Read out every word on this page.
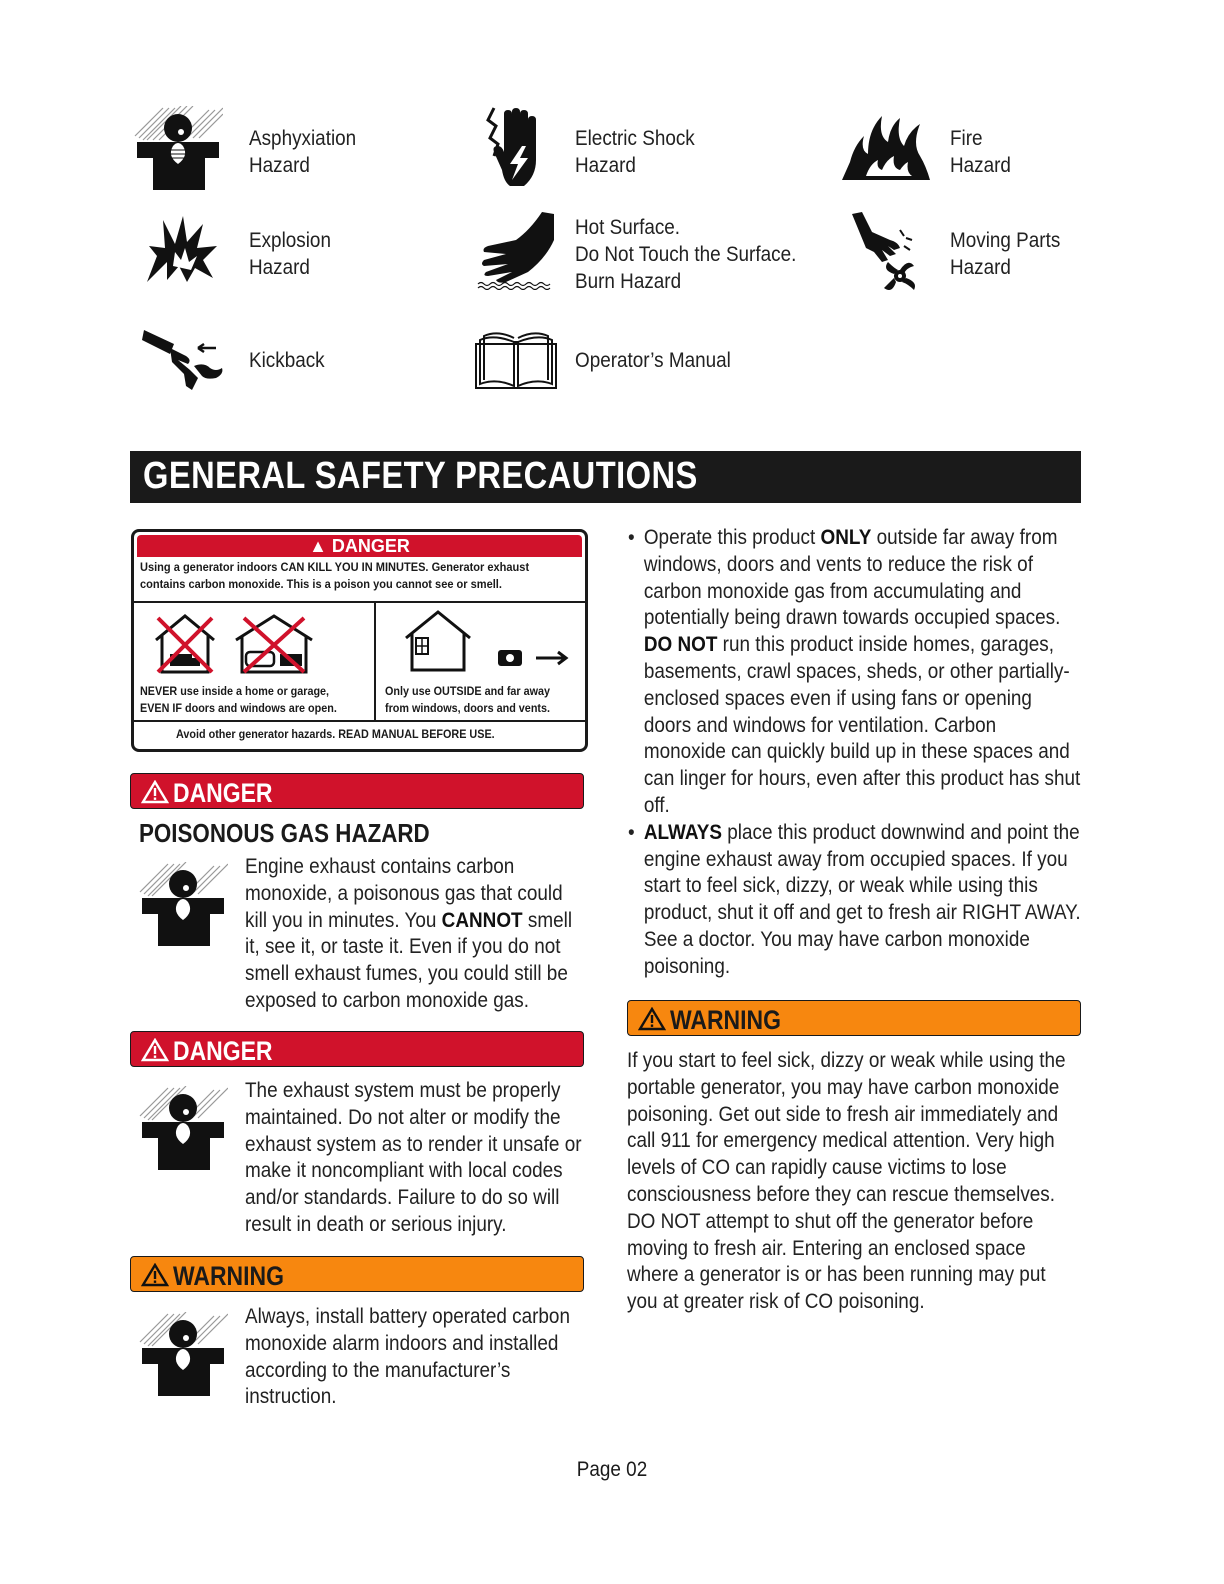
Asphyxiation
Hazard
Electric Shock
Hazard
Fire
Hazard
Explosion
Hazard
Hot Surface.
Do Not Touch the Surface.
Burn Hazard
Moving Parts
Hazard
Kickback	Operator’s Manual
GENERAL SAFETY PRECAUTIONS
▲ DANGER
Using a generator indoors CAN KILL YOU IN MINUTES. Generator exhaust
contains carbon monoxide. This is a poison you cannot see or smell.
NEVER use inside a home or garage,
EVEN IF doors and windows are open.
Only use OUTSIDE and far away
from windows, doors and vents.
Avoid other generator hazards. READ MANUAL BEFORE USE.
DANGER
POISONOUS GAS HAZARD
Engine exhaust contains carbon monoxide, a poisonous gas that could kill you in minutes. You CANNOT smell it, see it, or taste it. Even if you do not smell exhaust fumes, you could still be exposed to carbon monoxide gas.
DANGER
The exhaust system must be properly maintained. Do not alter or modify the exhaust system as to render it unsafe or make it noncompliant with local codes and/or standards. Failure to do so will result in death or serious injury.
WARNING
Always, install battery operated carbon monoxide alarm indoors and installed according to the manufacturer’s instruction.
• Operate this product ONLY outside far away from windows, doors and vents to reduce the risk of carbon monoxide gas from accumulating and potentially being drawn towards occupied spaces. DO NOT run this product inside homes, garages, basements, crawl spaces, sheds, or other partially-enclosed spaces even if using fans or opening doors and windows for ventilation. Carbon monoxide can quickly build up in these spaces and can linger for hours, even after this product has shut off.
• ALWAYS place this product downwind and point the engine exhaust away from occupied spaces. If you start to feel sick, dizzy, or weak while using this product, shut it off and get to fresh air RIGHT AWAY. See a doctor. You may have carbon monoxide poisoning.
WARNING
If you start to feel sick, dizzy or weak while using the portable generator, you may have carbon monoxide poisoning. Get out side to fresh air immediately and call 911 for emergency medical attention. Very high levels of CO can rapidly cause victims to lose consciousness before they can rescue themselves. DO NOT attempt to shut off the generator before moving to fresh air. Entering an enclosed space where a generator is or has been running may put you at greater risk of CO poisoning.
Page 02
